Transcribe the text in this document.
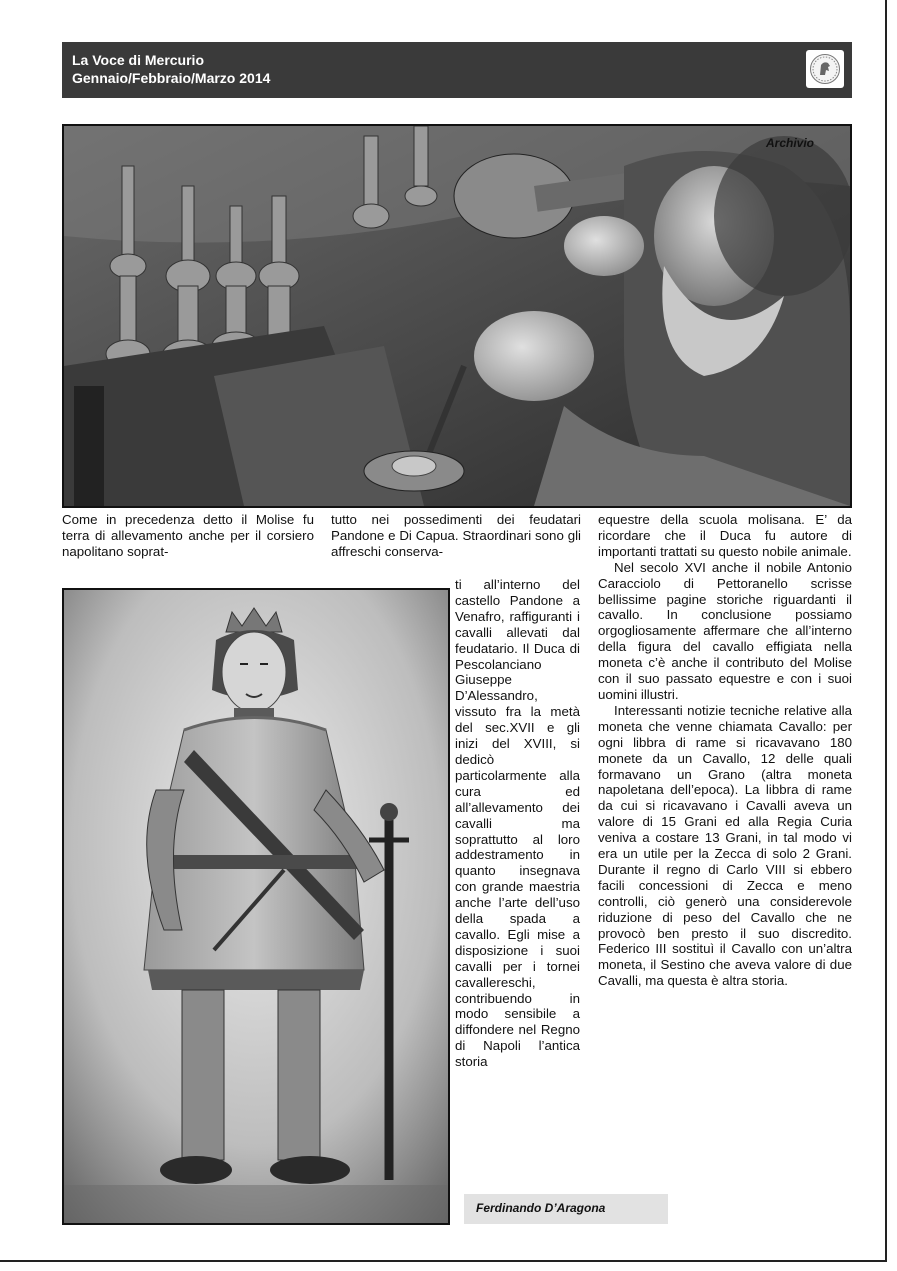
La Voce di Mercurio
Gennaio/Febbraio/Marzo 2014
Archivio

Come in precedenza detto il Molise fu terra di allevamento anche per il corsiero napolitano soprat-

tutto nei possedimenti dei feudatari Pandone e Di Capua. Straordinari sono gli affreschi conserva-

ti all’interno del castello Pandone a Venafro, raffiguranti i cavalli allevati dal feudatario. Il Duca di Pescolanciano Giuseppe D’Alessandro, vissuto fra la metà del sec.XVII e gli inizi del XVIII, si dedicò particolarmente alla cura ed all’allevamento dei cavalli ma soprattutto al loro addestramento in quanto insegnava con grande maestria anche l’arte dell’uso della spada a cavallo. Egli mise a disposizione i suoi cavalli per i tornei cavallereschi, contribuendo in modo sensibile a diffondere nel Regno di Napoli l’antica storia

equestre della scuola molisana. E’ da ricordare che il Duca fu autore di importanti trattati su questo nobile animale.

Nel secolo XVI anche il nobile Antonio Caracciolo di Pettoranello scrisse bellissime pagine storiche riguardanti il cavallo. In conclusione possiamo orgogliosamente affermare che all’interno della figura del cavallo effigiata nella moneta c’è anche il contributo del Molise con il suo passato equestre e con i suoi uomini illustri.

Interessanti notizie tecniche relative alla moneta che venne chiamata Cavallo: per ogni libbra di rame si ricavavano 180 monete da un Cavallo, 12 delle quali formavano un Grano (altra moneta napoletana dell’epoca). La libbra di rame da cui si ricavavano i Cavalli aveva un valore di 15 Grani ed alla Regia Curia veniva a costare 13 Grani, in tal modo vi era un utile per la Zecca di solo 2 Grani. Durante il regno di Carlo VIII si ebbero facili concessioni di Zecca e meno controlli, ciò generò una considerevole riduzione di peso del Cavallo che ne provocò ben presto il suo discredito. Federico III sostituì il Cavallo con un’altra moneta, il Sestino che aveva valore di due Cavalli, ma questa è altra storia.

Ferdinando D’Aragona
